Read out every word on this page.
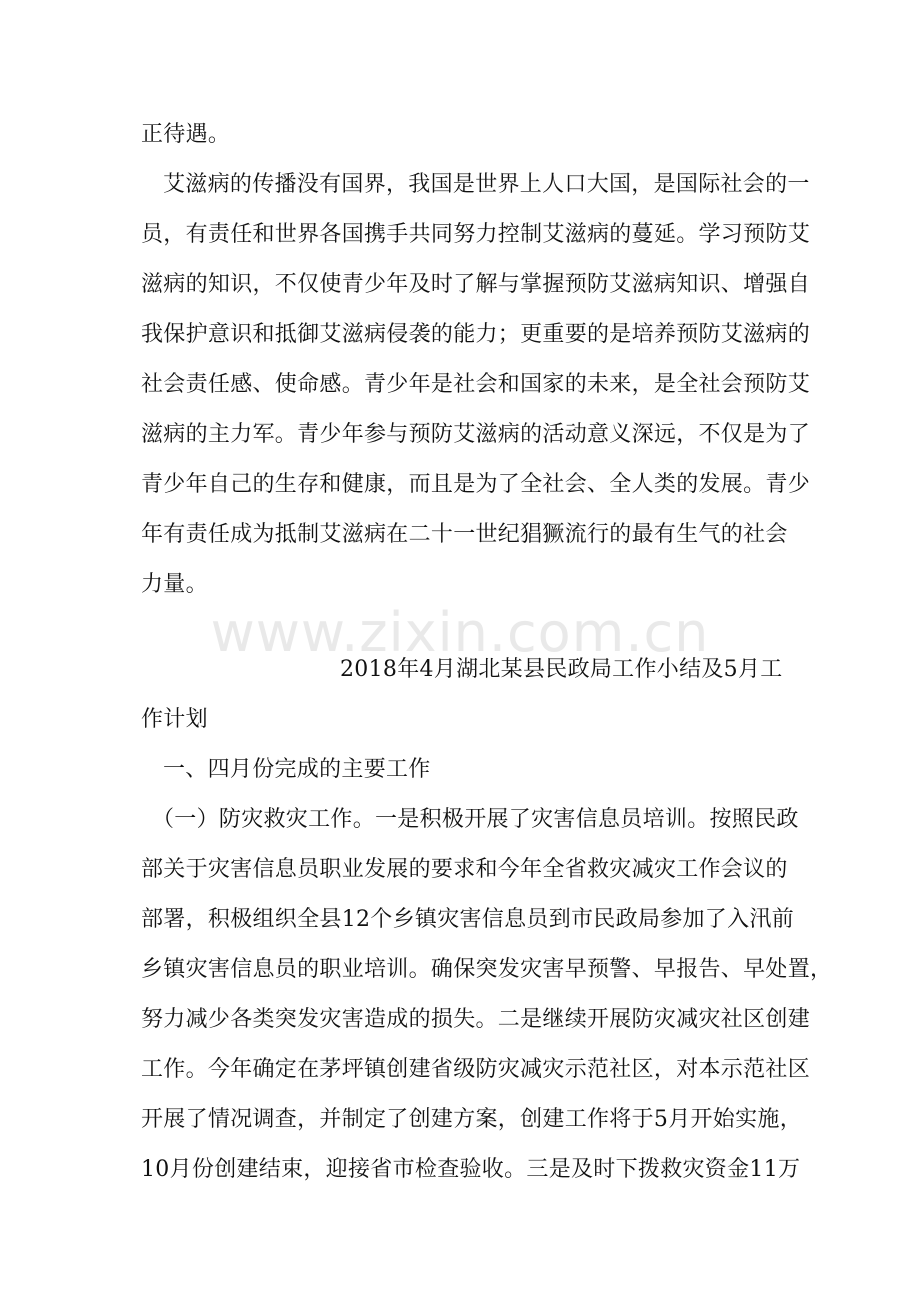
www.zixin.com.cn
正待遇。
艾滋病的传播没有国界，我国是世界上人口大国，是国际社会的一
员，有责任和世界各国携手共同努力控制艾滋病的蔓延。学习预防艾
滋病的知识，不仅使青少年及时了解与掌握预防艾滋病知识、增强自
我保护意识和抵御艾滋病侵袭的能力；更重要的是培养预防艾滋病的
社会责任感、使命感。青少年是社会和国家的未来，是全社会预防艾
滋病的主力军。青少年参与预防艾滋病的活动意义深远，不仅是为了
青少年自己的生存和健康，而且是为了全社会、全人类的发展。青少
年有责任成为抵制艾滋病在二十一世纪猖獗流行的最有生气的社会
力量。
2018年4月湖北某县民政局工作小结及5月工
作计划
一、四月份完成的主要工作
（一）防灾救灾工作。一是积极开展了灾害信息员培训。按照民政
部关于灾害信息员职业发展的要求和今年全省救灾减灾工作会议的
部署，积极组织全县12个乡镇灾害信息员到市民政局参加了入汛前
乡镇灾害信息员的职业培训。确保突发灾害早预警、早报告、早处置，
努力减少各类突发灾害造成的损失。二是继续开展防灾减灾社区创建
工作。今年确定在茅坪镇创建省级防灾减灾示范社区，对本示范社区
开展了情况调查，并制定了创建方案，创建工作将于5月开始实施，
10月份创建结束，迎接省市检查验收。三是及时下拨救灾资金11万
